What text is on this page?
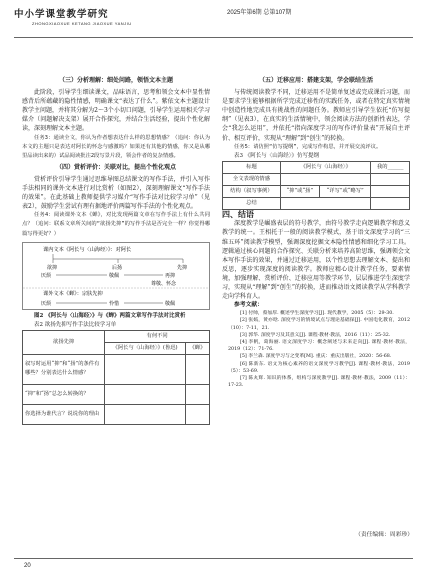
中小学课堂教学研究
ZHONGXIAOXUE KETANG JIAOXUE YANJIU
2025年第6期 总第107期

（三）分析理解：细处问路，领悟文本主题

此阶段，引导学生细读课文，品味语言，思考和领会文本中显性情感背后所蕴藏的隐性情感，明确课文“表达了什么”。紫依文本主题设计教学主问题，并将其分解为2～3个小切口问题，引导学生运用相关学习媒介（问题解决支架）展开合作探究，并结合生活经验，提出个性化解读，深刻理解文本主题。

任务3：通读全文，你认为作者想表达什么样的思想情感？（追问：你认为本文的主题只是表达对阿长的怀念与感激吗？如果还有其他的情感，你又是从哪里品读出来的）试品阅读批注2段写景片段，领会作者的复杂情感。

（四）赏析评价：关联对比，提出个性化观点

赏析评价引导学生通过思维导图总结课文的写作手法，并引入写作手法相同的课外文本进行对比赏析（如图2），深刻理解课文“写作手法的效果”。在此基础上教师提供学习媒介“写作手法对比较学习单”（见表2），鼓励学生尝试有理有据地评价两篇写作手法的个性化观点。

任务4：阅读课外文本《蝉》，对比发现两篇文章在写作手法上有什么共同点？（追问：联系文章所关间的“欲扬先抑”的写作手法是否完全一样？你觉得哪篇写得更好？）

课内文本《阿长与〈山海经〉》：对阿长
欲抑	后扬	先抑
厌烦	敬佩	再抑
尊敬、怀念
课外文本《蝉》：宗肤先抑
厌烦	怜惜	敬佩

图2 《阿长与〈山海经〉》与《蝉》两篇文章写作手法对比赏析

表2 欲扬先抑写作手法比较学习单

欲扬先抑	有何不同	
	《阿长与〈山海经〉》(鲁迅)	《蝉》
叙写时运用“抑”和“扬”的条件有哪些？分别表达什么情感？		
“抑”和“扬”总怎么转换的？		
你选择为谁代言？说说你的理由		

（五）迁移应用：搭建支架，学会联结生活

与传统阅读教学不同，迁移运用不是简单复述或完成课后习题，而是要求学生能够根据所学完成迁移性的实践任务，或者在特定真实情境中创造性地完成具有挑战性的问题任务。教师应引导学生依托“仿写提纲”（见表3），在真实的生活情境中，领会阅读方法的创新性表达，学会“我怎么运用”，并依托“指向深度学习的写作评价量表”开展自主评价、相互评价，实现从“理解”到“创生”的转换。

任务5：请仿照“仿写提纲”，完成写作构思，并开展交流评议。

表3 《阿长与〈山海经〉》仿写提纲

标题	《阿长与〈山海经〉》		我的______
全文表现的情感			
结构（叙写事例）	“抑”或“扬”	“详写”或“略写”	
总结			

四、结语

深度教学是崛盛表层的符号教学，由符号教学走向逻辑教学和意义教学的统一。王相托于一般的阅读教学模式，基于语文深度学习的“三维五环”阅读教学模型，强调深度挖掘文本隐性情感和细化学习工具。逻辑通过核心问题的合作探究、关联分析来培养高阶思维，强调领会文本写作手法的效果，并通过迁移运用，以个性思想去理解文本、提出和反思，逐步实现深度的阅读教学。教师应精心设计教学任务，要素情境，加强理解、赏析评价、迁移应用等教学环节，层层推进学生深度学习，实现从“理解”到“创生”的转换，进而推动语文阅读教学从学科教学走向学科育人。

参考文献：

[1] 付帅，蔡加厚. 概述学生深度学习[J]. 现代教学，2005（5）：29-30.

[2] 张嫣，黄亦晗. 深度学习的情境试点与理论基础探[J]. 中国电化教育，2012（10）：7-11，21.

[3] 郭华. 深度学习及其意义[J]. 课程·教材·教法，2016（11）：25-32.

[4] 李帆，葛海丽. 语文深度学习：概念阐述与未来走向[J]. 课程·教材·教法，2019（12）：71-76.

[5] 李兰森. 深度学习与之变革[M]. 重庆：重庆出版社，2020：56-68.

[6] 陈新东. 语文为核心素养的语文深度学习教学[J]. 课程·教材·教法，2019（5）：53-69.

[7] 陈丸辉. 知识的体系，组构与深度教学[J]. 课程·教材·教法，2009（11）：17-23.

（责任编辑：周彩珍）
20
